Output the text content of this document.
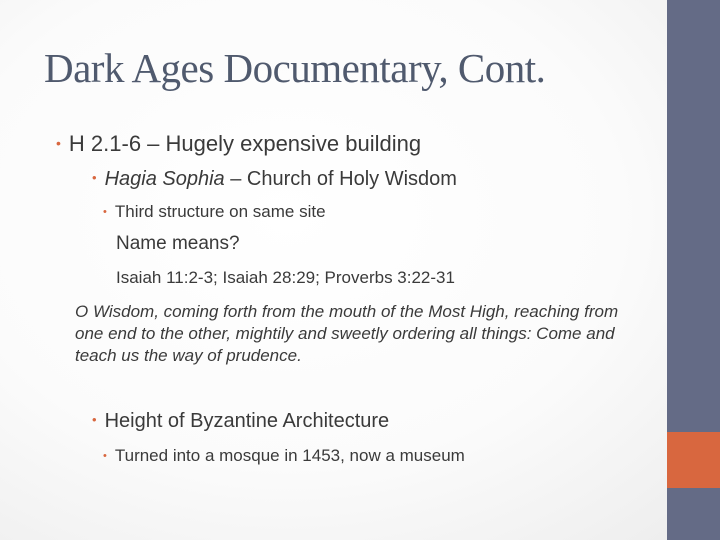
Dark Ages Documentary, Cont.
• H 2.1-6 – Hugely expensive building
• Hagia Sophia – Church of Holy Wisdom
• Third structure on same site
Name means?
Isaiah 11:2-3; Isaiah 28:29; Proverbs 3:22-31

O Wisdom, coming forth from the mouth of the Most High, reaching from one end to the other, mightily and sweetly ordering all things: Come and teach us the way of prudence.

• Height of Byzantine Architecture
• Turned into a mosque in 1453, now a museum
